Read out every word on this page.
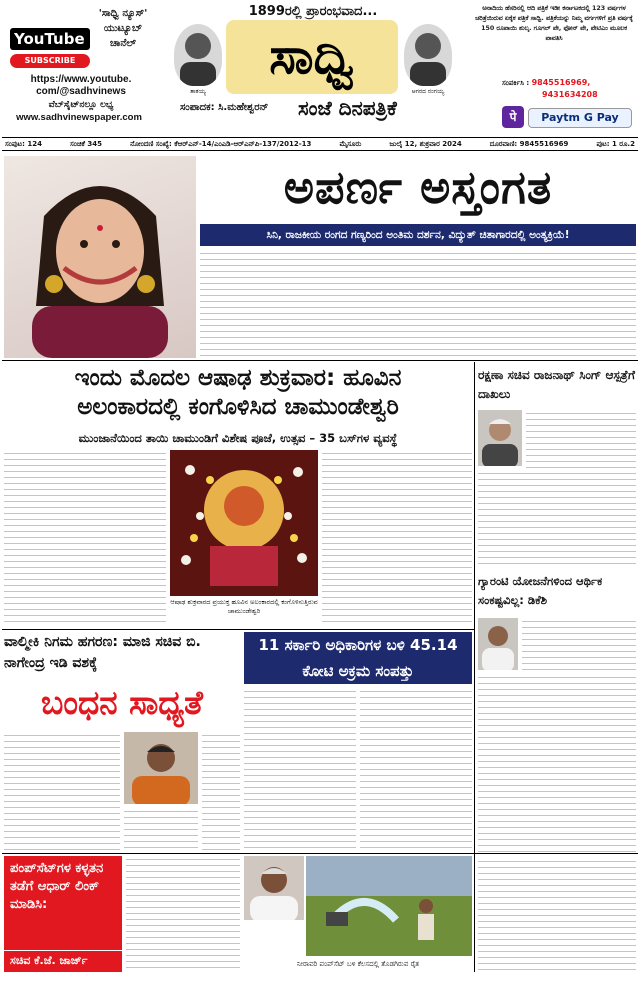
YouTube
'ಸಾಧ್ವಿ ನ್ಯೂಸ್' ಯುಟ್ಯೂಬ್ ಚಾನೆಲ್
SUBSCRIBE
https://www.youtube.
com/@sadhvinews
ವೆಬ್‌ಸೈಟ್‌ನಲ್ಲೂ ಲಭ್ಯ
www.sadhvinewspaper.com
1899ರಲ್ಲಿ ಪ್ರಾರಂಭವಾದ...
ತಾತಯ್ಯ
ಸಾಧ್ವಿ
ಆಗರದ ರಂಗಯ್ಯ
ಸಂಪಾದಕ: ಸಿ.ಮಹೇಶ್ವರನ್	ಸಂಜೆ ದಿನಪತ್ರಿಕೆ
ಅನಾದಿಯ ಹೆಸರಿನಲ್ಲಿ ಆದಿ ಪತ್ರಿಕೆ ಇಡೀ ಕರ್ನಾಟಕದಲ್ಲಿ 123 ವರ್ಷಗಳ ಚರಿತ್ರೆಯಿರುವ ಏಕೈಕ ಪತ್ರಿಕೆ ಸಾಧ್ವಿ. ಪತ್ರಿಕೆಯನ್ನು ನಿಮ್ಮ ವರ್ಗಗಳಿಗೆ ಪ್ರತಿ ವರ್ಷಕ್ಕೆ 150 ರೂಪಾಯಿ ಶುಲ್ಕ. ಗೂಗಲ್ ಪೇ, ಫೋನ್ ಪೇ, ಪೇಟಿಎಂ ಮೂಲಕ ಪಾವತಿಸಿ
ಸಂಪರ್ಕಿಸಿ : 9845516969,
9431634208
पे	Paytm G Pay
ಸಂಪುಟ: 124	ಸಂಚಿಕೆ 345	ನೋಂದಣಿ ಸಂಖ್ಯೆ: ಕೆಆರ್‌ಎನ್-14/ಎಂಎಡಿ-ಆರ್‌ಎನ್‌ಪಿ-137/2012-13	ಮೈಸೂರು	ಜುಲೈ 12, ಶುಕ್ರವಾರ 2024	ದೂರವಾಣಿ: 9845516969	ಪುಟ: 1 ರೂ.2
ಅಪರ್ಣ ಅಸ್ತಂಗತ
ಸಿನಿ, ರಾಜಕೀಯ ರಂಗದ ಗಣ್ಯರಿಂದ ಅಂತಿಮ ದರ್ಶನ, ವಿದ್ಯುತ್ ಚಿತಾಗಾರದಲ್ಲಿ ಅಂತ್ಯಕ್ರಿಯೆ!
ಇಂದು ಮೊದಲ ಆಷಾಢ ಶುಕ್ರವಾರ: ಹೂವಿನ
ಅಲಂಕಾರದಲ್ಲಿ ಕಂಗೊಳಿಸಿದ ಚಾಮುಂಡೇಶ್ವರಿ
ಮುಂಜಾನೆಯಿಂದ ತಾಯಿ ಚಾಮುಂಡಿಗೆ ವಿಶೇಷ ಪೂಜೆ, ಉತ್ಸವ – 35 ಬಸ್‌ಗಳ ವ್ಯವಸ್ಥೆ
ಆಷಾಢ ಶುಕ್ರವಾರದ ಪ್ರಯುಕ್ತ ಹೂವಿನ ಅಲಂಕಾರದಲ್ಲಿ ಕಂಗೊಳಿಸುತ್ತಿರುವ ಚಾಮುಂಡೇಶ್ವರಿ
ರಕ್ಷಣಾ ಸಚಿವ ರಾಜನಾಥ್ ಸಿಂಗ್ ಆಸ್ಪತ್ರೆಗೆ ದಾಖಲು
ಗ್ಯಾರಂಟಿ ಯೋಜನೆಗಳಿಂದ ಆರ್ಥಿಕ ಸಂಕಷ್ಟವಿಲ್ಲ: ಡಿಕೆಶಿ
ವಾಲ್ಮೀಕಿ ನಿಗಮ ಹಗರಣ: ಮಾಜಿ ಸಚಿವ ಬಿ. ನಾಗೇಂದ್ರ ಇಡಿ ವಶಕ್ಕೆ
ಬಂಧನ ಸಾಧ್ಯತೆ
11 ಸರ್ಕಾರಿ ಅಧಿಕಾರಿಗಳ ಬಳಿ 45.14 ಕೋಟಿ ಅಕ್ರಮ ಸಂಪತ್ತು
ಪಂಪ್‌ಸೆಟ್‌ಗಳ ಕಳ್ಳತನ ತಡೆಗೆ ಆಧಾರ್ ಲಿಂಕ್ ಮಾಡಿಸಿ:
ಸಚಿವ ಕೆ.ಜೆ. ಜಾರ್ಜ್	ನೀರಾವರಿ ಪಂಪ್‌ಸೆಟ್ ಬಳಿ ಕೆಲಸದಲ್ಲಿ ತೊಡಗಿರುವ ರೈತ
